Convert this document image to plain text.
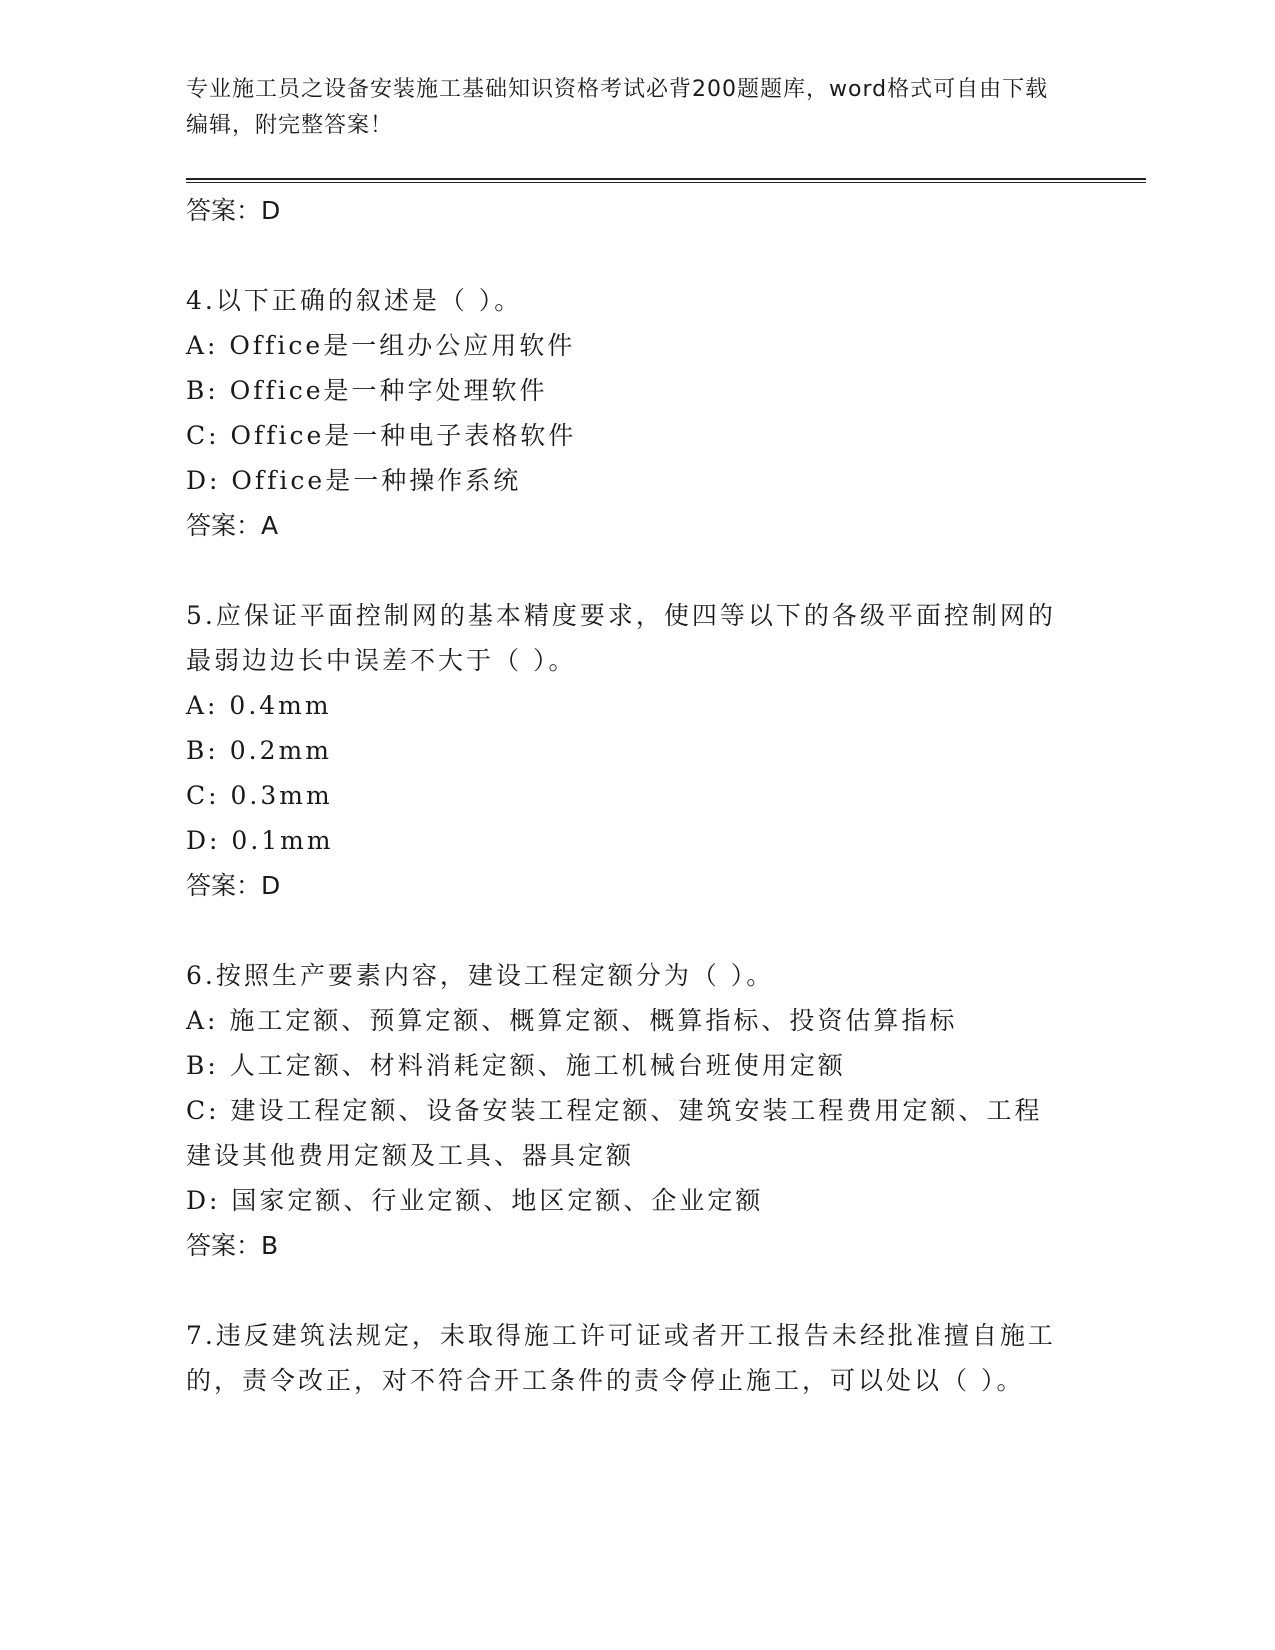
专业施工员之设备安装施工基础知识资格考试必背200题题库，word格式可自由下载编辑，附完整答案！
答案：D
4.以下正确的叙述是（ ）。
A: Office是一组办公应用软件
B: Office是一种字处理软件
C: Office是一种电子表格软件
D: Office是一种操作系统
答案：A
5.应保证平面控制网的基本精度要求，使四等以下的各级平面控制网的最弱边边长中误差不大于（ ）。
A: 0.4mm
B: 0.2mm
C: 0.3mm
D: 0.1mm
答案：D
6.按照生产要素内容，建设工程定额分为（ ）。
A: 施工定额、预算定额、概算定额、概算指标、投资估算指标
B: 人工定额、材料消耗定额、施工机械台班使用定额
C: 建设工程定额、设备安装工程定额、建筑安装工程费用定额、工程建设其他费用定额及工具、器具定额
D: 国家定额、行业定额、地区定额、企业定额
答案：B
7.违反建筑法规定，未取得施工许可证或者开工报告未经批准擅自施工的，责令改正，对不符合开工条件的责令停止施工，可以处以（ ）。
